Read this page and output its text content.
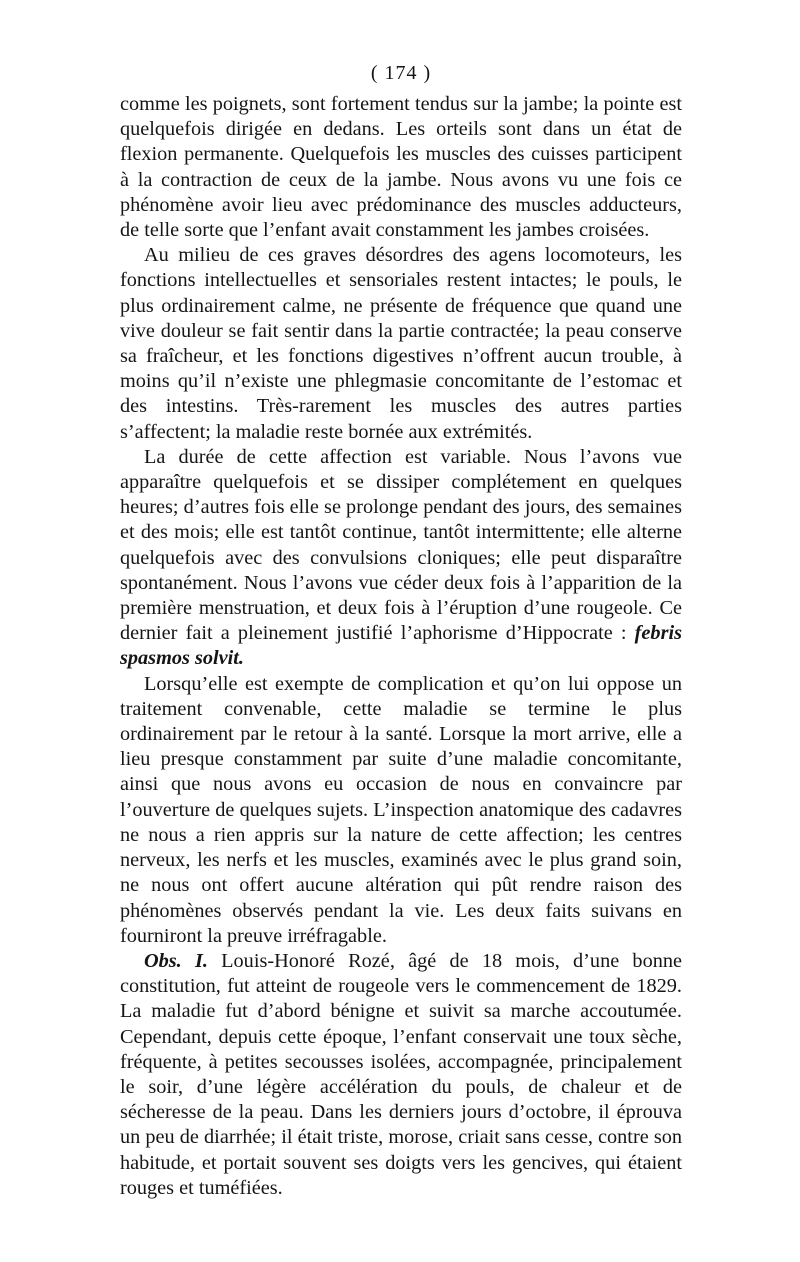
( 174 )

comme les poignets, sont fortement tendus sur la jambe; la pointe est quelquefois dirigée en dedans. Les orteils sont dans un état de flexion permanente. Quelquefois les muscles des cuisses participent à la contraction de ceux de la jambe. Nous avons vu une fois ce phénomène avoir lieu avec prédominance des muscles adducteurs, de telle sorte que l’enfant avait constamment les jambes croisées.

Au milieu de ces graves désordres des agens locomoteurs, les fonctions intellectuelles et sensoriales restent intactes; le pouls, le plus ordinairement calme, ne présente de fréquence que quand une vive douleur se fait sentir dans la partie contractée; la peau conserve sa fraîcheur, et les fonctions digestives n’offrent aucun trouble, à moins qu’il n’existe une phlegmasie concomitante de l’estomac et des intestins. Très-rarement les muscles des autres parties s’affectent; la maladie reste bornée aux extrémités.

La durée de cette affection est variable. Nous l’avons vue apparaître quelquefois et se dissiper complétement en quelques heures; d’autres fois elle se prolonge pendant des jours, des semaines et des mois; elle est tantôt continue, tantôt intermittente; elle alterne quelquefois avec des convulsions cloniques; elle peut disparaître spontanément. Nous l’avons vue céder deux fois à l’apparition de la première menstruation, et deux fois à l’éruption d’une rougeole. Ce dernier fait a pleinement justifié l’aphorisme d’Hippocrate : febris spasmos solvit.

Lorsqu’elle est exempte de complication et qu’on lui oppose un traitement convenable, cette maladie se termine le plus ordinairement par le retour à la santé. Lorsque la mort arrive, elle a lieu presque constamment par suite d’une maladie concomitante, ainsi que nous avons eu occasion de nous en convaincre par l’ouverture de quelques sujets. L’inspection anatomique des cadavres ne nous a rien appris sur la nature de cette affection; les centres nerveux, les nerfs et les muscles, examinés avec le plus grand soin, ne nous ont offert aucune altération qui pût rendre raison des phénomènes observés pendant la vie. Les deux faits suivans en fourniront la preuve irréfragable.

Obs. I. Louis-Honoré Rozé, âgé de 18 mois, d’une bonne constitution, fut atteint de rougeole vers le commencement de 1829. La maladie fut d’abord bénigne et suivit sa marche accoutumée. Cependant, depuis cette époque, l’enfant conservait une toux sèche, fréquente, à petites secousses isolées, accompagnée, principalement le soir, d’une légère accélération du pouls, de chaleur et de sécheresse de la peau. Dans les derniers jours d’octobre, il éprouva un peu de diarrhée; il était triste, morose, criait sans cesse, contre son habitude, et portait souvent ses doigts vers les gencives, qui étaient rouges et tuméfiées.
